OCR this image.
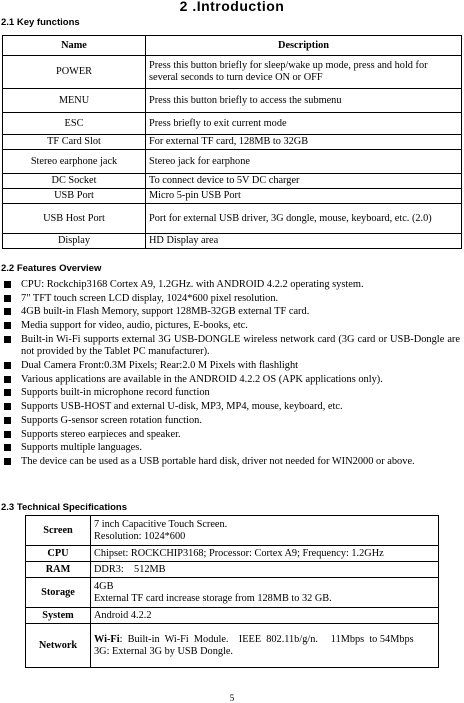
2 .Introduction
2.1 Key functions
Name	Description
POWER	Press this button briefly for sleep/wake up mode, press and hold for several seconds to turn device ON or OFF
MENU	Press this button briefly to access the submenu
ESC	Press briefly to exit current mode
TF Card Slot	For external TF card, 128MB to 32GB
Stereo earphone jack	Stereo jack for earphone
DC Socket	To connect device to 5V DC charger
USB Port	Micro 5-pin USB Port
USB Host Port	Port for external USB driver, 3G dongle, mouse, keyboard, etc. (2.0)
Display	HD Display area
2.2 Features Overview
CPU: Rockchip3168 Cortex A9, 1.2GHz. with ANDROID 4.2.2 operating system.
7" TFT touch screen LCD display, 1024*600 pixel resolution.
4GB built-in Flash Memory, support 128MB-32GB external TF card.
Media support for video, audio, pictures, E-books, etc.
Built-in Wi-Fi supports external 3G USB-DONGLE wireless network card (3G card or USB-Dongle are not provided by the Tablet PC manufacturer).
Dual Camera Front:0.3M Pixels; Rear:2.0 M Pixels with flashlight
Various applications are available in the ANDROID 4.2.2 OS (APK applications only).
Supports built-in microphone record function
Supports USB-HOST and external U-disk, MP3, MP4, mouse, keyboard, etc.
Supports G-sensor screen rotation function.
Supports stereo earpieces and speaker.
Supports multiple languages.
The device can be used as a USB portable hard disk, driver not needed for WIN2000 or above.
2.3 Technical Specifications
Screen	7 inch Capacitive Touch Screen.
Resolution: 1024*600

CPU	Chipset: ROCKCHIP3168; Processor: Cortex A9; Frequency: 1.2GHz
RAM	DDR3:    512MB
Storage	4GB
External TF card increase storage from 128MB to 32 GB.

System	Android 4.2.2
Network	Wi-Fi:  Built-in  Wi-Fi  Module.    IEEE  802.11b/g/n.     11Mbps  to 54Mbps
3G: External 3G by USB Dongle.
5
